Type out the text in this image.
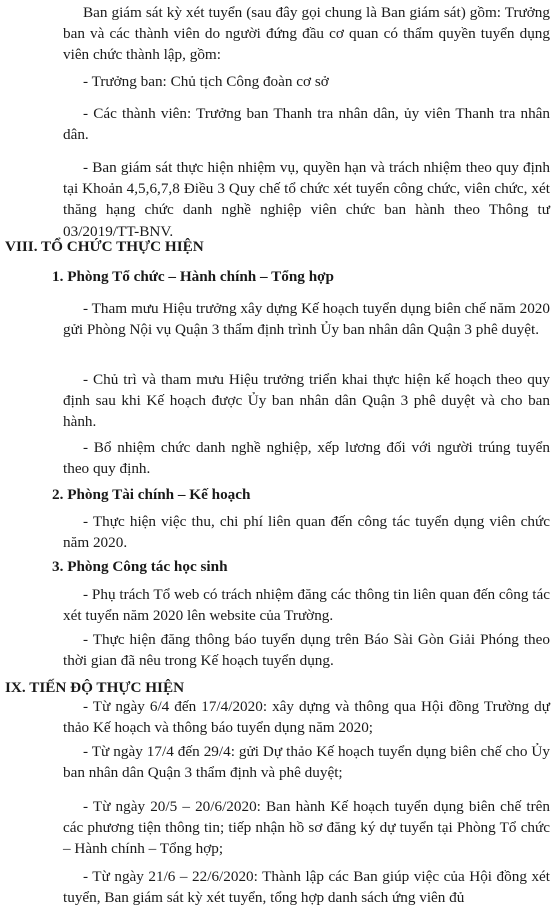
Ban giám sát kỳ xét tuyển (sau đây gọi chung là Ban giám sát) gồm: Trưởng ban và các thành viên do người đứng đầu cơ quan có thẩm quyền tuyển dụng viên chức thành lập, gồm:
- Trưởng ban: Chủ tịch Công đoàn cơ sở
- Các thành viên: Trưởng ban Thanh tra nhân dân, ủy viên Thanh tra nhân dân.
- Ban giám sát thực hiện nhiệm vụ, quyền hạn và trách nhiệm theo quy định tại Khoản 4,5,6,7,8 Điều 3 Quy chế tổ chức xét tuyển công chức, viên chức, xét thăng hạng chức danh nghề nghiệp viên chức ban hành theo Thông tư 03/2019/TT-BNV.
VIII. TỔ CHỨC THỰC HIỆN
1. Phòng Tổ chức – Hành chính – Tổng hợp
- Tham mưu Hiệu trưởng xây dựng Kế hoạch tuyển dụng biên chế năm 2020 gửi Phòng Nội vụ Quận 3 thẩm định trình Ủy ban nhân dân Quận 3 phê duyệt.
- Chủ trì và tham mưu Hiệu trưởng triển khai thực hiện kế hoạch theo quy định sau khi Kế hoạch được Ủy ban nhân dân Quận 3 phê duyệt và cho ban hành.
- Bổ nhiệm chức danh nghề nghiệp, xếp lương đối với người trúng tuyển theo quy định.
2. Phòng Tài chính – Kế hoạch
- Thực hiện việc thu, chi phí liên quan đến công tác tuyển dụng viên chức năm 2020.
3. Phòng Công tác học sinh
- Phụ trách Tổ web có trách nhiệm đăng các thông tin liên quan đến công tác xét tuyển năm 2020 lên website của Trường.
- Thực hiện đăng thông báo tuyển dụng trên Báo Sài Gòn Giải Phóng theo thời gian đã nêu trong Kế hoạch tuyển dụng.
IX. TIẾN ĐỘ THỰC HIỆN
- Từ ngày 6/4 đến 17/4/2020: xây dựng và thông qua Hội đồng Trường dự thảo Kế hoạch và thông báo tuyển dụng năm 2020;
- Từ ngày 17/4 đến 29/4: gửi Dự thảo Kế hoạch tuyển dụng biên chế cho Ủy ban nhân dân Quận 3 thẩm định và phê duyệt;
- Từ ngày 20/5 – 20/6/2020: Ban hành Kế hoạch tuyển dụng biên chế trên các phương tiện thông tin; tiếp nhận hồ sơ đăng ký dự tuyển tại Phòng Tổ chức – Hành chính – Tổng hợp;
- Từ ngày 21/6 – 22/6/2020: Thành lập các Ban giúp việc của Hội đồng xét tuyển, Ban giám sát kỳ xét tuyển, tổng hợp danh sách ứng viên đủ
